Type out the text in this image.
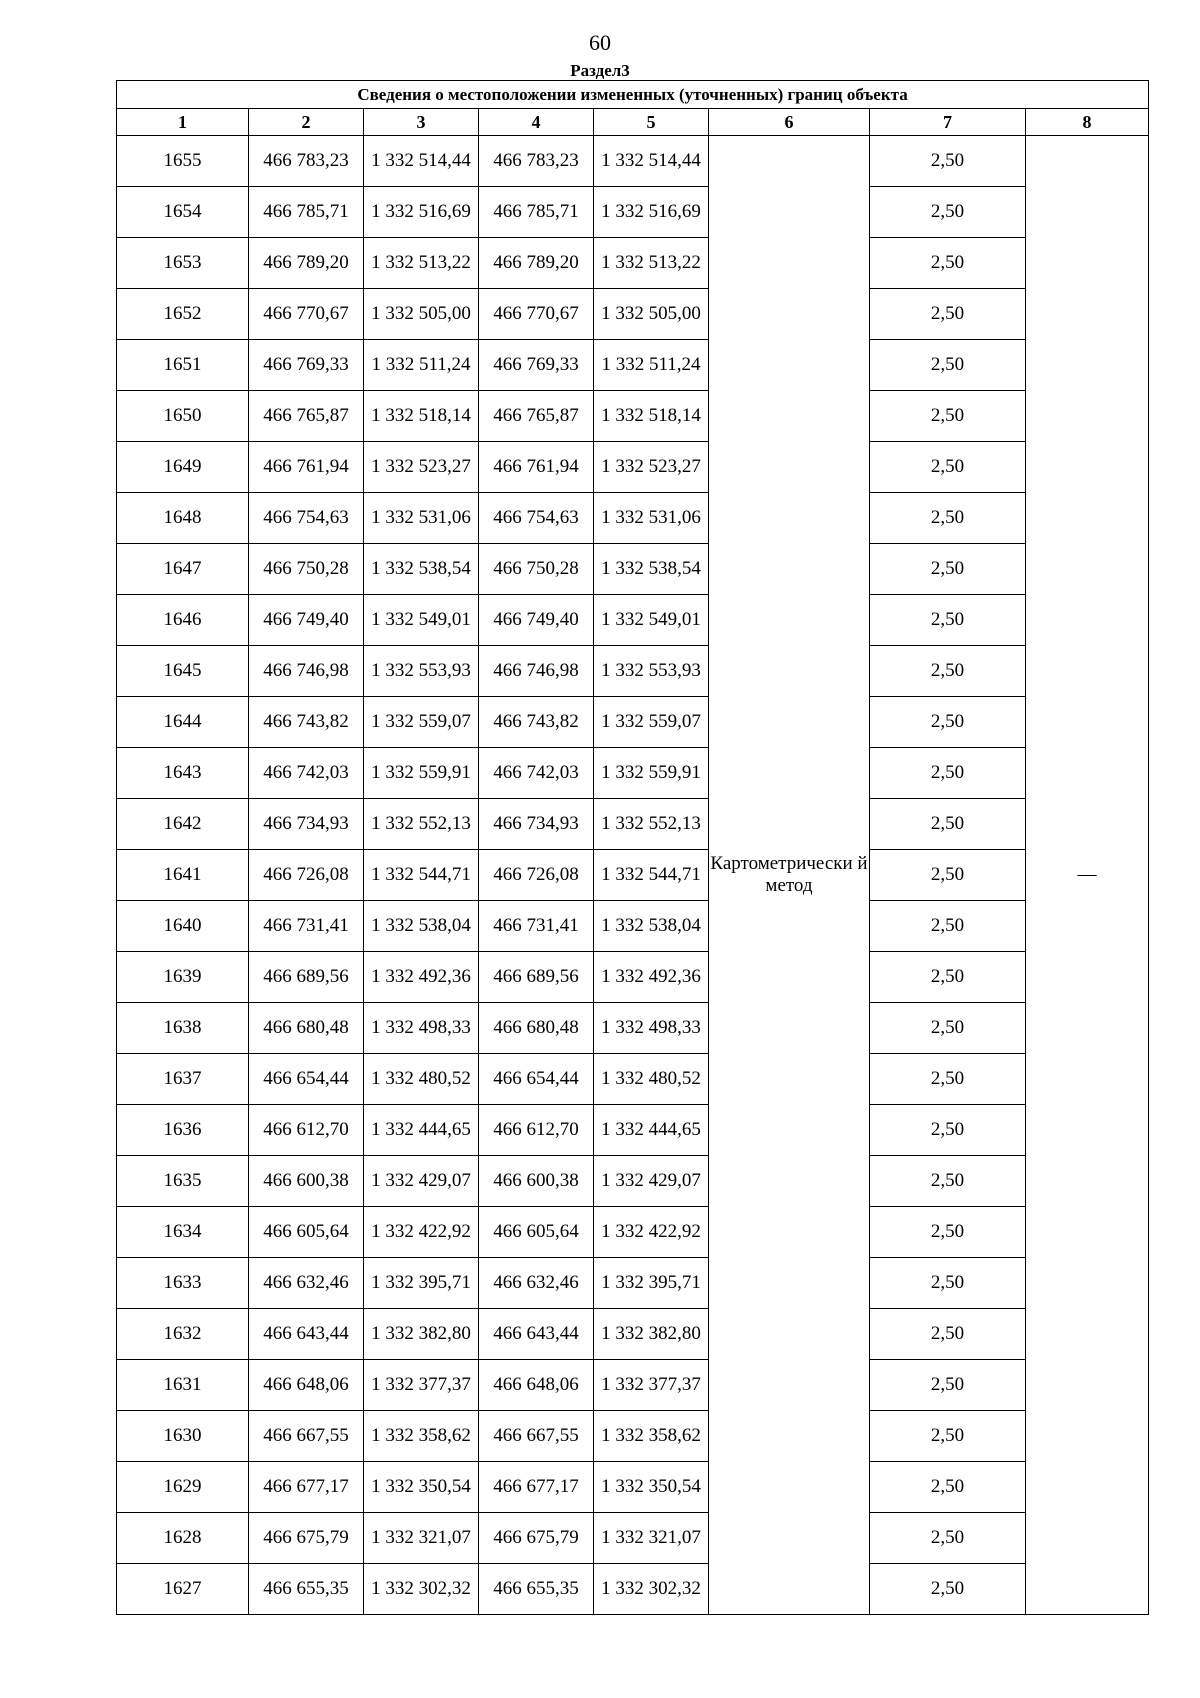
60
Раздел3
Сведения о местоположении измененных (уточненных) границ объекта							
1	2	3	4	5	6	7	8
1655	466 783,23	1 332 514,44	466 783,23	1 332 514,44	Картометрически й метод	2,50	—
1654	466 785,71	1 332 516,69	466 785,71	1 332 516,69		2,50	
1653	466 789,20	1 332 513,22	466 789,20	1 332 513,22		2,50	
1652	466 770,67	1 332 505,00	466 770,67	1 332 505,00		2,50	
1651	466 769,33	1 332 511,24	466 769,33	1 332 511,24		2,50	
1650	466 765,87	1 332 518,14	466 765,87	1 332 518,14		2,50	
1649	466 761,94	1 332 523,27	466 761,94	1 332 523,27		2,50	
1648	466 754,63	1 332 531,06	466 754,63	1 332 531,06		2,50	
1647	466 750,28	1 332 538,54	466 750,28	1 332 538,54		2,50	
1646	466 749,40	1 332 549,01	466 749,40	1 332 549,01		2,50	
1645	466 746,98	1 332 553,93	466 746,98	1 332 553,93		2,50	
1644	466 743,82	1 332 559,07	466 743,82	1 332 559,07		2,50	
1643	466 742,03	1 332 559,91	466 742,03	1 332 559,91		2,50	
1642	466 734,93	1 332 552,13	466 734,93	1 332 552,13		2,50	
1641	466 726,08	1 332 544,71	466 726,08	1 332 544,71		2,50	
1640	466 731,41	1 332 538,04	466 731,41	1 332 538,04		2,50	
1639	466 689,56	1 332 492,36	466 689,56	1 332 492,36		2,50	
1638	466 680,48	1 332 498,33	466 680,48	1 332 498,33		2,50	
1637	466 654,44	1 332 480,52	466 654,44	1 332 480,52		2,50	
1636	466 612,70	1 332 444,65	466 612,70	1 332 444,65		2,50	
1635	466 600,38	1 332 429,07	466 600,38	1 332 429,07		2,50	
1634	466 605,64	1 332 422,92	466 605,64	1 332 422,92		2,50	
1633	466 632,46	1 332 395,71	466 632,46	1 332 395,71		2,50	
1632	466 643,44	1 332 382,80	466 643,44	1 332 382,80		2,50	
1631	466 648,06	1 332 377,37	466 648,06	1 332 377,37		2,50	
1630	466 667,55	1 332 358,62	466 667,55	1 332 358,62		2,50	
1629	466 677,17	1 332 350,54	466 677,17	1 332 350,54		2,50	
1628	466 675,79	1 332 321,07	466 675,79	1 332 321,07		2,50	
1627	466 655,35	1 332 302,32	466 655,35	1 332 302,32		2,50	
